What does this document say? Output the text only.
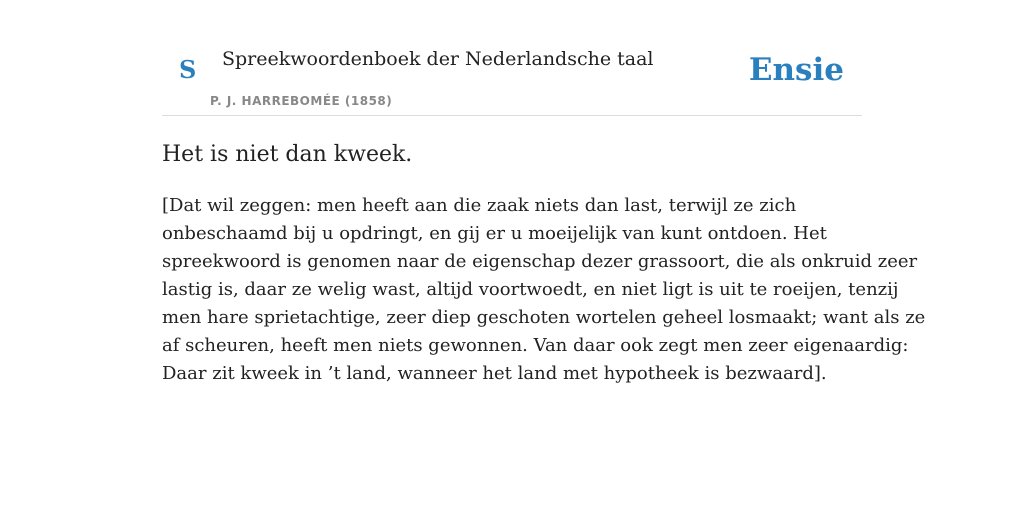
S Spreekwoordenboek der Nederlandsche taal
P. J. HARREBOMÉE (1858)
Ensie
Het is niet dan kweek.

[Dat wil zeggen: men heeft aan die zaak niets dan last, terwijl ze zich
onbeschaamd bij u opdringt, en gij er u moeijelijk van kunt ontdoen. Het
spreekwoord is genomen naar de eigenschap dezer grassoort, die als onkruid zeer
lastig is, daar ze welig wast, altijd voortwoedt, en niet ligt is uit te roeijen, tenzij
men hare sprietachtige, zeer diep geschoten wortelen geheel losmaakt; want als ze
af scheuren, heeft men niets gewonnen. Van daar ook zegt men zeer eigenaardig:
Daar zit kweek in ’t land, wanneer het land met hypotheek is bezwaard].
